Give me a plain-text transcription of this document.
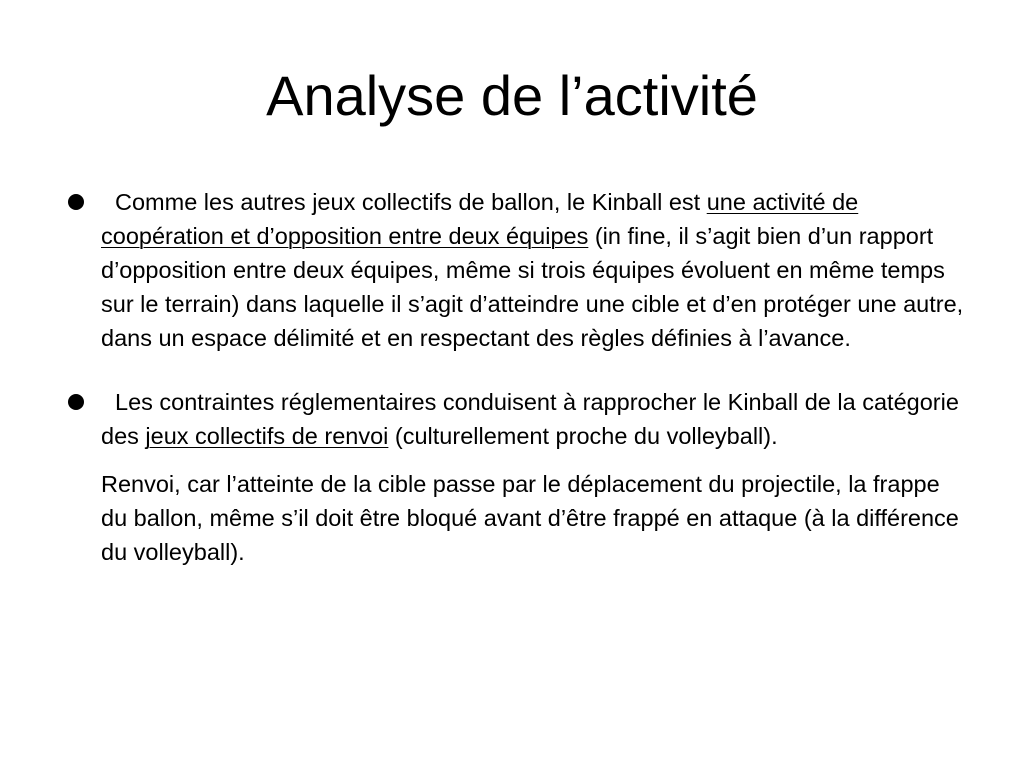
Analyse de l’activité

Comme les autres jeux collectifs de ballon, le Kinball est une activité de coopération et d’opposition entre deux équipes (in fine, il s’agit bien d’un rapport d’opposition entre deux équipes, même si trois équipes évoluent en même temps sur le terrain) dans laquelle il s’agit d’atteindre une cible et d’en protéger une autre, dans un espace délimité et en respectant des règles définies à l’avance.

Les contraintes réglementaires conduisent à rapprocher le Kinball de la catégorie des jeux collectifs de renvoi (culturellement proche du volleyball).

Renvoi, car l’atteinte de la cible passe par le déplacement du projectile, la frappe du ballon, même s’il doit être bloqué avant d’être frappé en attaque (à la différence du volleyball).
